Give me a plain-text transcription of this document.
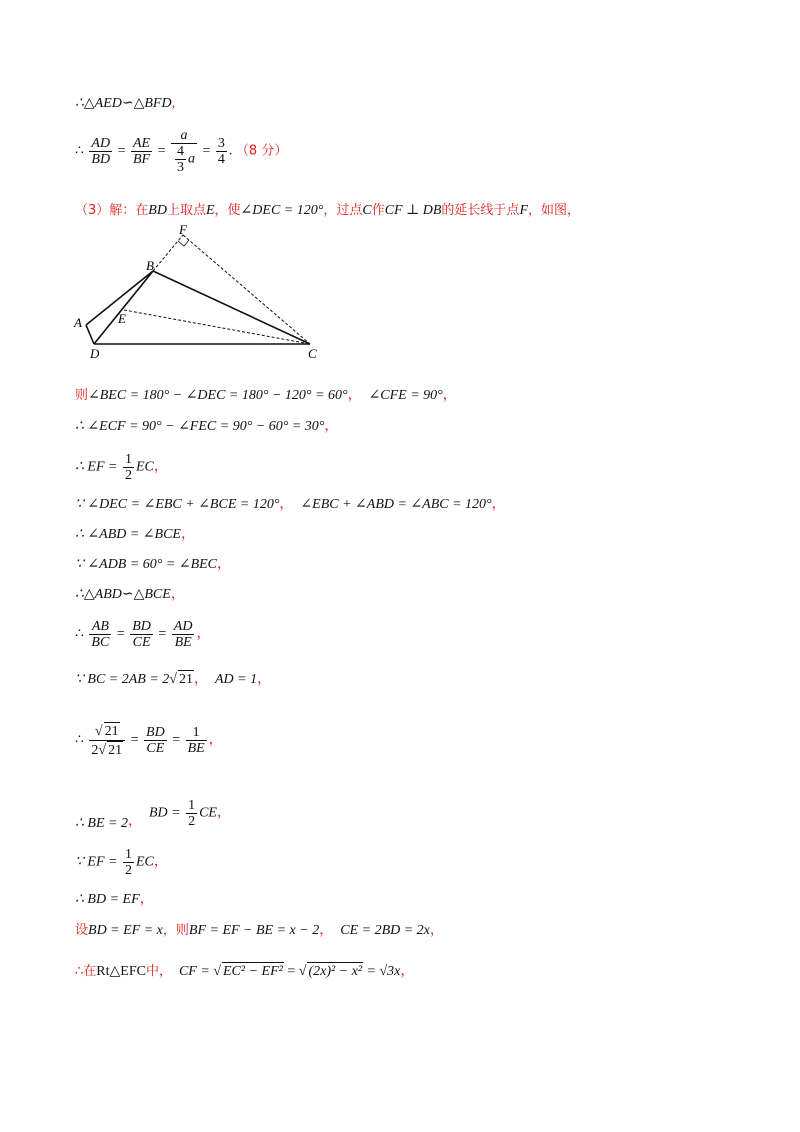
∴△AED∽△BFD,
∴ $\frac{AD}{BD} = \frac{AE}{BF} = \frac{a}{\frac{4}{3} a} = \frac{3}{4}$ . （8 分）
（3）解：在BD上取点E，使∠DEC = 120°，过点C作CF ⊥ DB的延长线于点F，如图，
F
B
A	E
D	C
则∠BEC = 180° − ∠DEC = 180° − 120° = 60°， ∠CFE = 90°，
∴ ∠ECF = 90° − ∠FEC = 90° − 60° = 30°，
∴ EF = $\frac{1}{2}$ EC，
∵ ∠DEC = ∠EBC + ∠BCE = 120°， ∠EBC + ∠ABD = ∠ABC = 120°，
∴ ∠ABD = ∠BCE，
∵ ∠ADB = 60° = ∠BEC，
∴△ABD∽△BCE，
∴ $\frac{AB}{BC} = \frac{BD}{CE} = \frac{AD}{BE}$ ，
∵ BC = 2AB = 2√ 21， AD = 1，
∴ $\frac{√ 21}{2√ 21} = \frac{BD}{CE} = \frac{1}{BE}$ ，
∴ BE = 2，  BD = $\frac{1}{2}$ CE，
∵ EF = $\frac{1}{2}$ EC，
∴ BD = EF，
设BD = EF = x，则BF = EF − BE = x − 2， CE = 2BD = 2x，
∴在Rt△EFC中， CF = √ EC² − EF² = √ (2x)² − x² = √3x，
